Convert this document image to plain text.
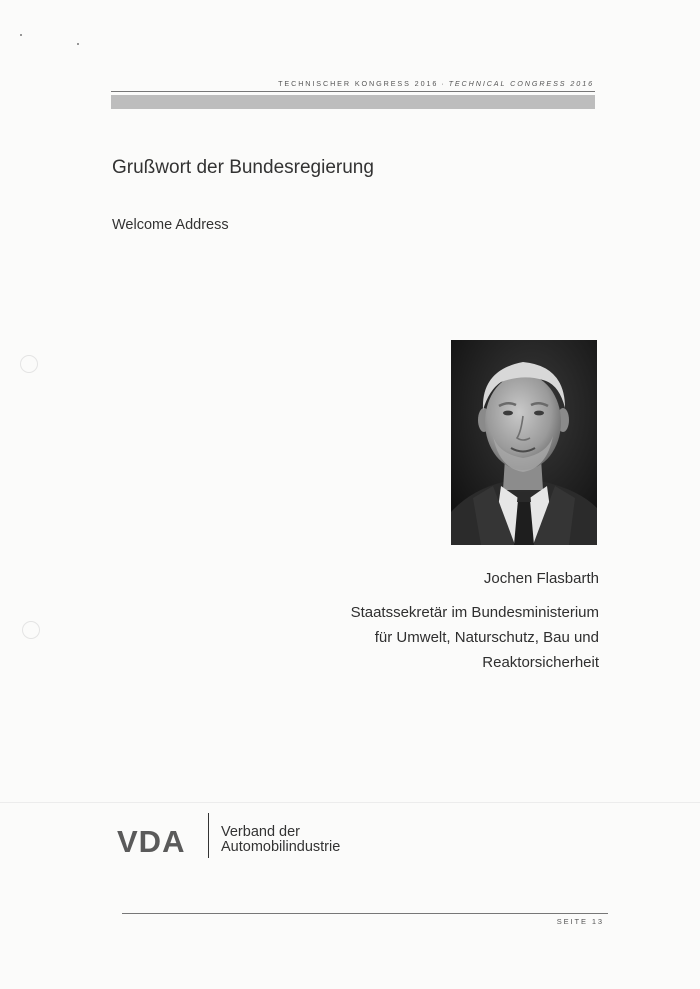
TECHNISCHER KONGRESS 2016 · TECHNICAL CONGRESS 2016
Grußwort der Bundesregierung
Welcome Address
Jochen Flasbarth
Staatssekretär im Bundesministerium
für Umwelt, Naturschutz, Bau und
Reaktorsicherheit
VDA Verband der
Automobilindustrie
SEITE 13
